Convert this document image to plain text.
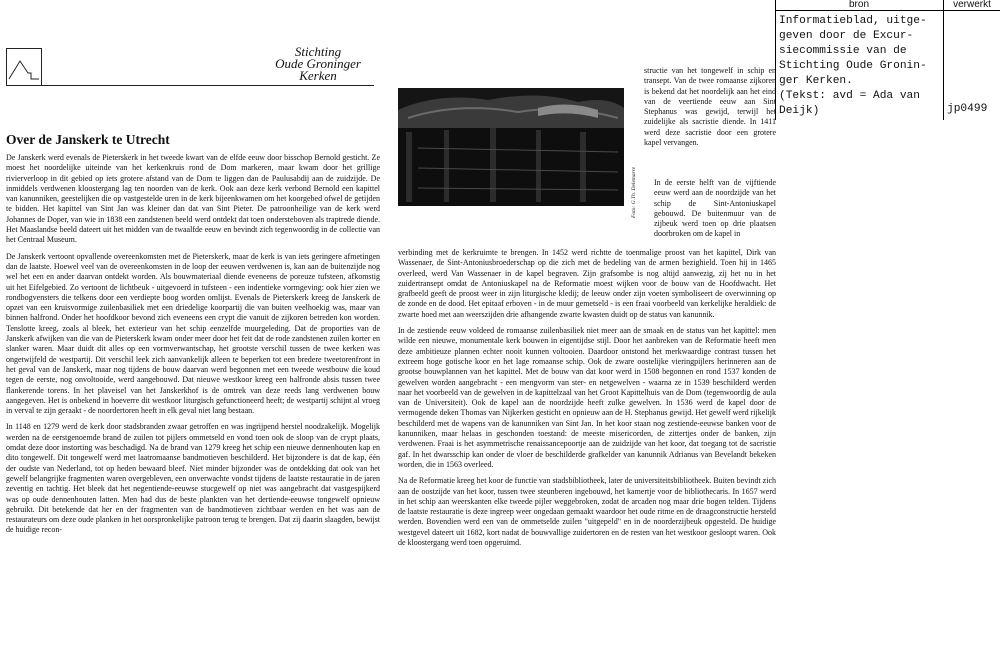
bron	verwerkt
Informatieblad, uitge-
geven door de Excur-
siecommissie van de
Stichting Oude Gronin-
ger Kerken.
(Tekst: avd = Ada van
Deijk)	jp0499
Stichting
Oude Groninger
Kerken
Over de Janskerk te Utrecht

De Janskerk werd evenals de Pieterskerk in het tweede kwart van de elfde eeuw door bisschop Bernold gesticht. Ze moest het noordelijke uiteinde van het kerkenkruis rond de Dom markeren, maar kwam door het grillige rivierverloop in dit gebied op iets grotere afstand van de Dom te liggen dan de Paulusabdij aan de zuidzijde. De inmiddels verdwenen kloostergang lag ten noorden van de kerk. Ook aan deze kerk verbond Bernold een kapittel van kanunniken, geestelijken die op vastgestelde uren in de kerk bijeenkwamen om het koorgebed ofwel de getijden te bidden. Het kapittel van Sint Jan was kleiner dan dat van Sint Pieter. De patroonheilige van de kerk werd Johannes de Doper, van wie in 1838 een zandstenen beeld werd ontdekt dat toen ondersteboven als traptrede diende. Het Maaslandse beeld dateert uit het midden van de twaalfde eeuw en bevindt zich tegenwoordig in de collectie van het Centraal Museum.

De Janskerk vertoont opvallende overeenkomsten met de Pieterskerk, maar de kerk is van iets geringere afmetingen dan de laatste. Hoewel veel van de overeenkomsten in de loop der eeuwen verdwenen is, kan aan de buitenzijde nog wel het een en ander daarvan ontdekt worden. Als bouwmateriaal diende eveneens de poreuze tufsteen, afkomstig uit het Eifelgebied. Zo vertoont de lichtbeuk - uitgevoerd in tufsteen - een indentieke vormgeving: ook hier zien we rondbogvensters die telkens door een verdiepte boog worden omlijst. Evenals de Pieterskerk kreeg de Janskerk de opzet van een kruisvormige zuilenbasiliek met een driedelige koorpartij die van buiten veelhoekig was, maar van binnen halfrond. Onder het hoofdkoor bevond zich eveneens een crypt die vanuit de zijkoren betreden kon worden. Tenslotte kreeg, zoals al bleek, het exterieur van het schip eenzelfde muurgeleding. Dat de proporties van de Janskerk afwijken van die van de Pieterskerk kwam onder meer door het feit dat de rode zandstenen zuilen korter en slanker waren. Maar duidt dit alles op een vormverwantschap, het grootste verschil tussen de twee kerken was ongetwijfeld de westpartij. Dit verschil leek zich aanvankelijk alleen te beperken tot een bredere tweetorenfront in het geval van de Janskerk, maar nog tijdens de bouw daarvan werd begonnen met een tweede westbouw die koud tegen de eerste, nog onvoltooide, werd aangebouwd. Dat nieuwe westkoor kreeg een halfronde absis tussen twee flankerende torens. In het plaveisel van het Janskerkhof is de omtrek van deze reeds lang verdwenen bouw aangegeven. Het is onbekend in hoeverre dit westkoor liturgisch gefunctioneerd heeft; de westpartij schijnt al vroeg in verval te zijn geraakt - de noordertoren heeft in elk geval niet lang bestaan.

In 1148 en 1279 werd de kerk door stadsbranden zwaar getroffen en was ingrijpend herstel noodzakelijk. Mogelijk werden na de eerstgenoemde brand de zuilen tot pijlers ommetseld en vond toen ook de sloop van de crypt plaats, omdat deze door instorting was beschadigd. Na de brand van 1279 kreeg het schip een nieuwe dennenhouten kap en dito tongewelf. Dit tongewelf werd met laatromaanse bandmotieven beschilderd. Het bijzondere is dat de kap, één der oudste van Nederland, tot op heden bewaard bleef. Niet minder bijzonder was de ontdekking dat ook van het gewelf belangrijke fragmenten waren overgebleven, een onverwachte vondst tijdens de laatste restauratie in de jaren zeventig en tachtig. Het bleek dat het negentiende-eeuwse stucgewelf op niet was aangebracht dat vastgespijkerd was op oude dennenhouten latten. Men had dus de beste plankten van het dertiende-eeuwse tongewelf opnieuw gebruikt. Dit betekende dat her en der fragmenten van de bandmotieven zichtbaar werden en het was aan de restaurateurs om deze oude planken in het oorspronkelijke patroon terug te brengen. Dat zij daarin slaagden, bewijst de huidige recon-

Foto: G.Th. Delemarre

structie van het tongewelf in schip en transept. Van de twee romaanse zijkoren is bekend dat het noordelijk aan het eind van de veertiende eeuw aan Sint Stephanus was gewijd, terwijl het zuidelijke als sacristie diende. In 1411 werd deze sacristie door een grotere kapel vervangen.

In de eerste helft van de vijftiende eeuw werd aan de noordzijde van het schip de Sint-Antoniuskapel gebouwd. De buitenmuur van de zijbeuk werd toen op drie plaatsen doorbroken om de kapel in

verbinding met de kerkruimte te brengen. In 1452 werd richtte de toenmalige proost van het kapittel, Dirk van Wassenaer, de Sint-Antoniusbroederschap op die zich met de bedeling van de armen bezighield. Toen hij in 1465 overleed, werd Van Wassenaer in de kapel begraven. Zijn grafsombe is nog altijd aanwezig, zij het nu in het zuidertransept omdat de Antoniuskapel na de Reformatie moest wijken voor de bouw van de Hoofdwacht. Het grafbeeld geeft de proost weer in zijn liturgische kledij; de leeuw onder zijn voeten symboliseert de overwinning op de zonde en de dood. Het epitaaf erboven - in de muur gemetseld - is een fraai voorbeeld van kerkelijke heraldiek: de zwarte hoed met aan weerszijden drie afhangende zwarte kwasten duidt op de status van kanunnik.

In de zestiende eeuw voldeed de romaanse zuilenbasiliek niet meer aan de smaak en de status van het kapittel: men wilde een nieuwe, monumentale kerk bouwen in eigentijdse stijl. Door het aanbreken van de Reformatie heeft men deze ambitieuze plannen echter nooit kunnen voltooien. Daardoor ontstond het merkwaardige contrast tussen het extreem hoge gotische koor en het lage romaanse schip. Ook de zware oostelijke vieringpijlers herinneren aan de grootse bouwplannen van het kapittel. Met de bouw van dat koor werd in 1508 begonnen en rond 1537 konden de gewelven worden aangebracht - een mengvorm van ster- en netgewelven - waarna ze in 1539 beschilderd werden naar het voorbeeld van de gewelven in de kapittelzaal van het Groot Kapittelhuis van de Dom (tegenwoordig de aula van de Universiteit). Ook de kapel aan de noordzijde heeft zulke gewelven. In 1536 werd de kapel door de vermogende deken Thomas van Nijkerken gesticht en opnieuw aan de H. Stephanus gewijd. Het gewelf werd rijkelijk beschilderd met de wapens van de kanunniken van Sint Jan. In het koor staan nog zestiende-eeuwse banken voor de kanunniken, maar helaas in geschonden toestand: de meeste misericorden, de zittertjes onder de banken, zijn verdwenen. Fraai is het asymmetrische renaissancepoortje aan de zuidzijde van het koor, dat toegang tot de sacristie gaf. In het dwarsschip kan onder de vloer de beschilderde grafkelder van kanunnik Adrianus van Bevelandt bekeken worden, die in 1563 overleed.

Na de Reformatie kreeg het koor de functie van stadsbibliotheek, later de universiteitsbibliotheek. Buiten bevindt zich aan de oostzijde van het koor, tussen twee steunberen ingebouwd, het kamertje voor de bibliothecaris. In 1657 werd in het schip aan weerskanten elke tweede pijler weggebroken, zodat de arcaden nog maar drie bogen telden. Tijdens de laatste restauratie is deze ingreep weer ongedaan gemaakt waardoor het oude ritme en de draagconstructie hersteld werden. Bovendien werd een van de ommetselde zuilen "uitgepeld" en in de noorderzijbeuk opgesteld. De huidige westgevel dateert uit 1682, kort nadat de bouwvallige zuidertoren en de resten van het westkoor gesloopt waren. Ook de kloostergang werd toen opgeruimd.
